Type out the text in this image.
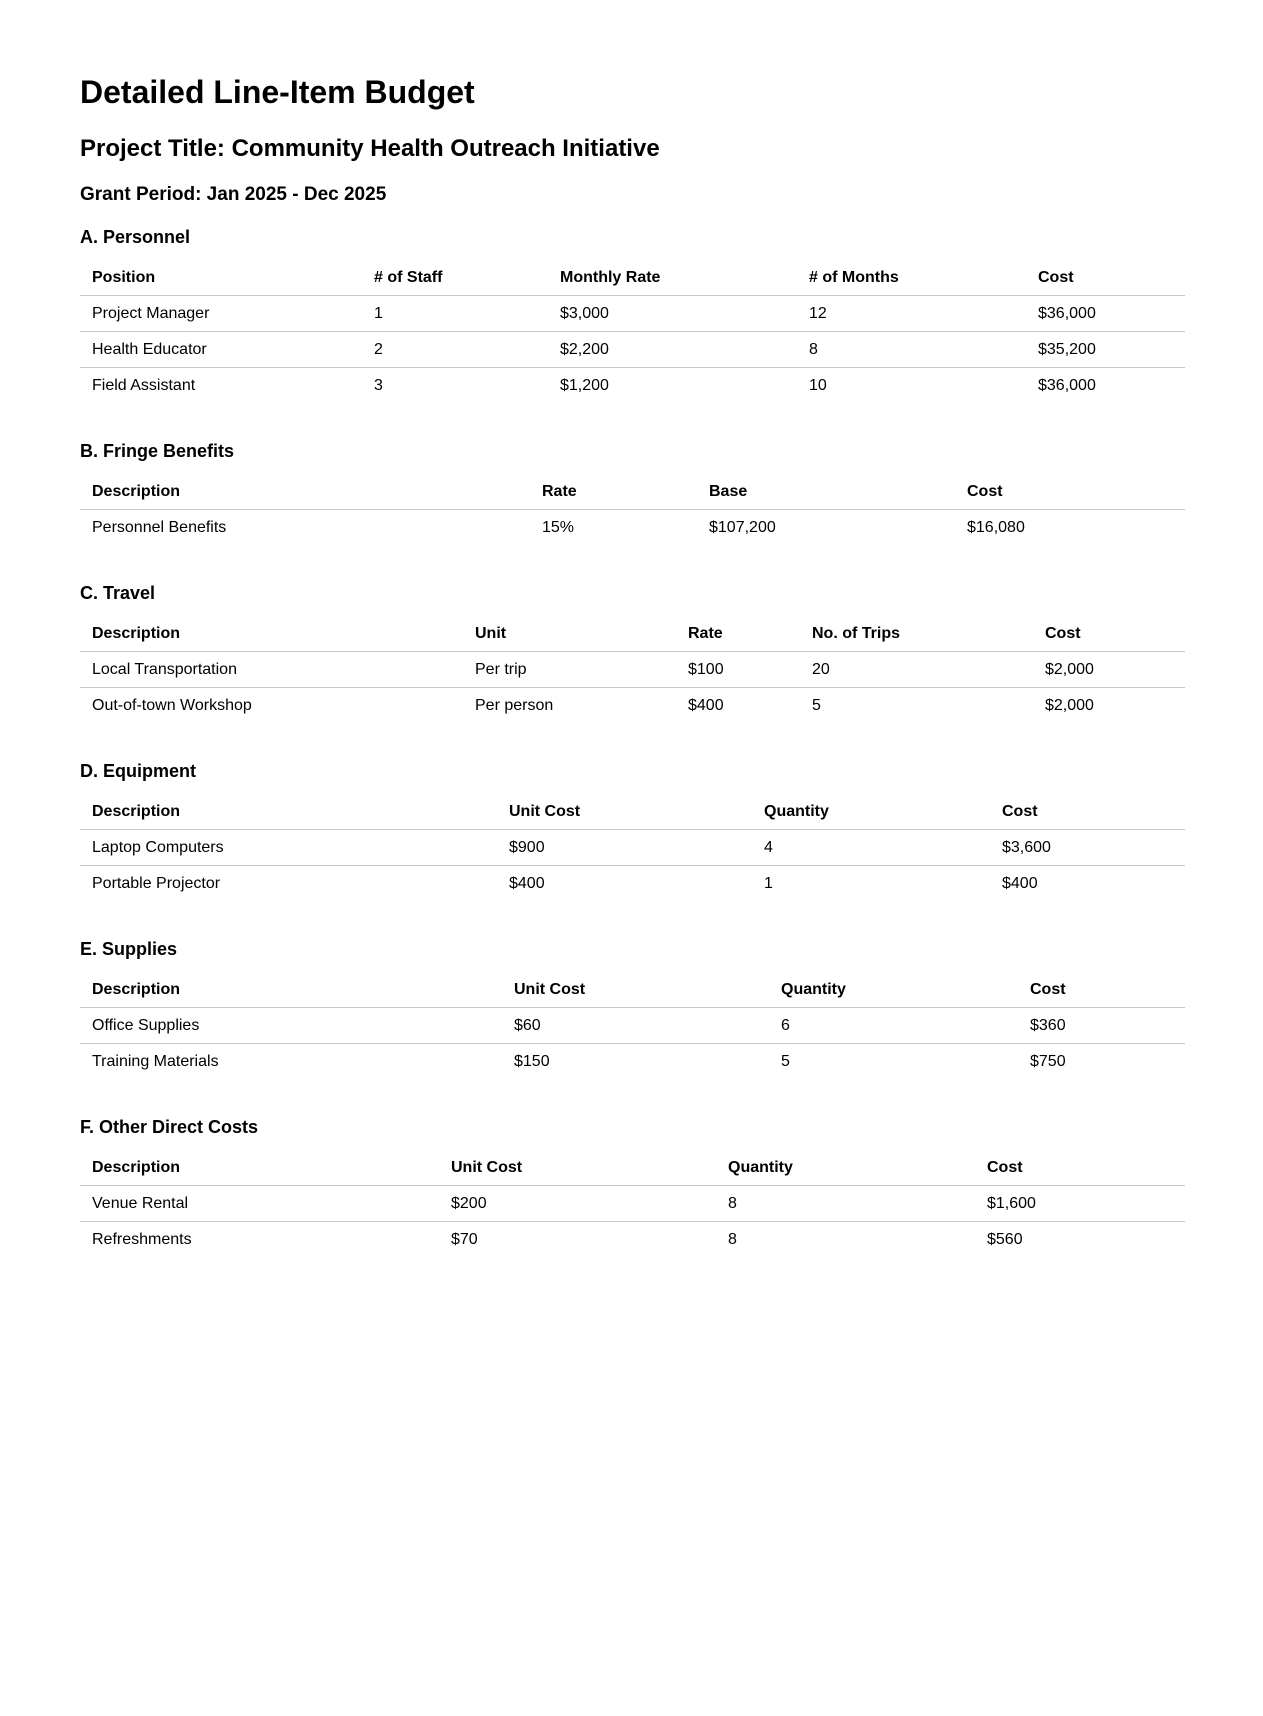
Detailed Line-Item Budget
Project Title: Community Health Outreach Initiative
Grant Period: Jan 2025 - Dec 2025
A. Personnel
Position	# of Staff	Monthly Rate	# of Months	Cost
Project Manager	1	$3,000	12	$36,000
Health Educator	2	$2,200	8	$35,200
Field Assistant	3	$1,200	10	$36,000
B. Fringe Benefits
Description	Rate	Base	Cost
Personnel Benefits	15%	$107,200	$16,080
C. Travel
Description	Unit	Rate	No. of Trips	Cost
Local Transportation	Per trip	$100	20	$2,000
Out-of-town Workshop	Per person	$400	5	$2,000
D. Equipment
Description	Unit Cost	Quantity	Cost
Laptop Computers	$900	4	$3,600
Portable Projector	$400	1	$400
E. Supplies
Description	Unit Cost	Quantity	Cost
Office Supplies	$60	6	$360
Training Materials	$150	5	$750
F. Other Direct Costs
Description	Unit Cost	Quantity	Cost
Venue Rental	$200	8	$1,600
Refreshments	$70	8	$560
